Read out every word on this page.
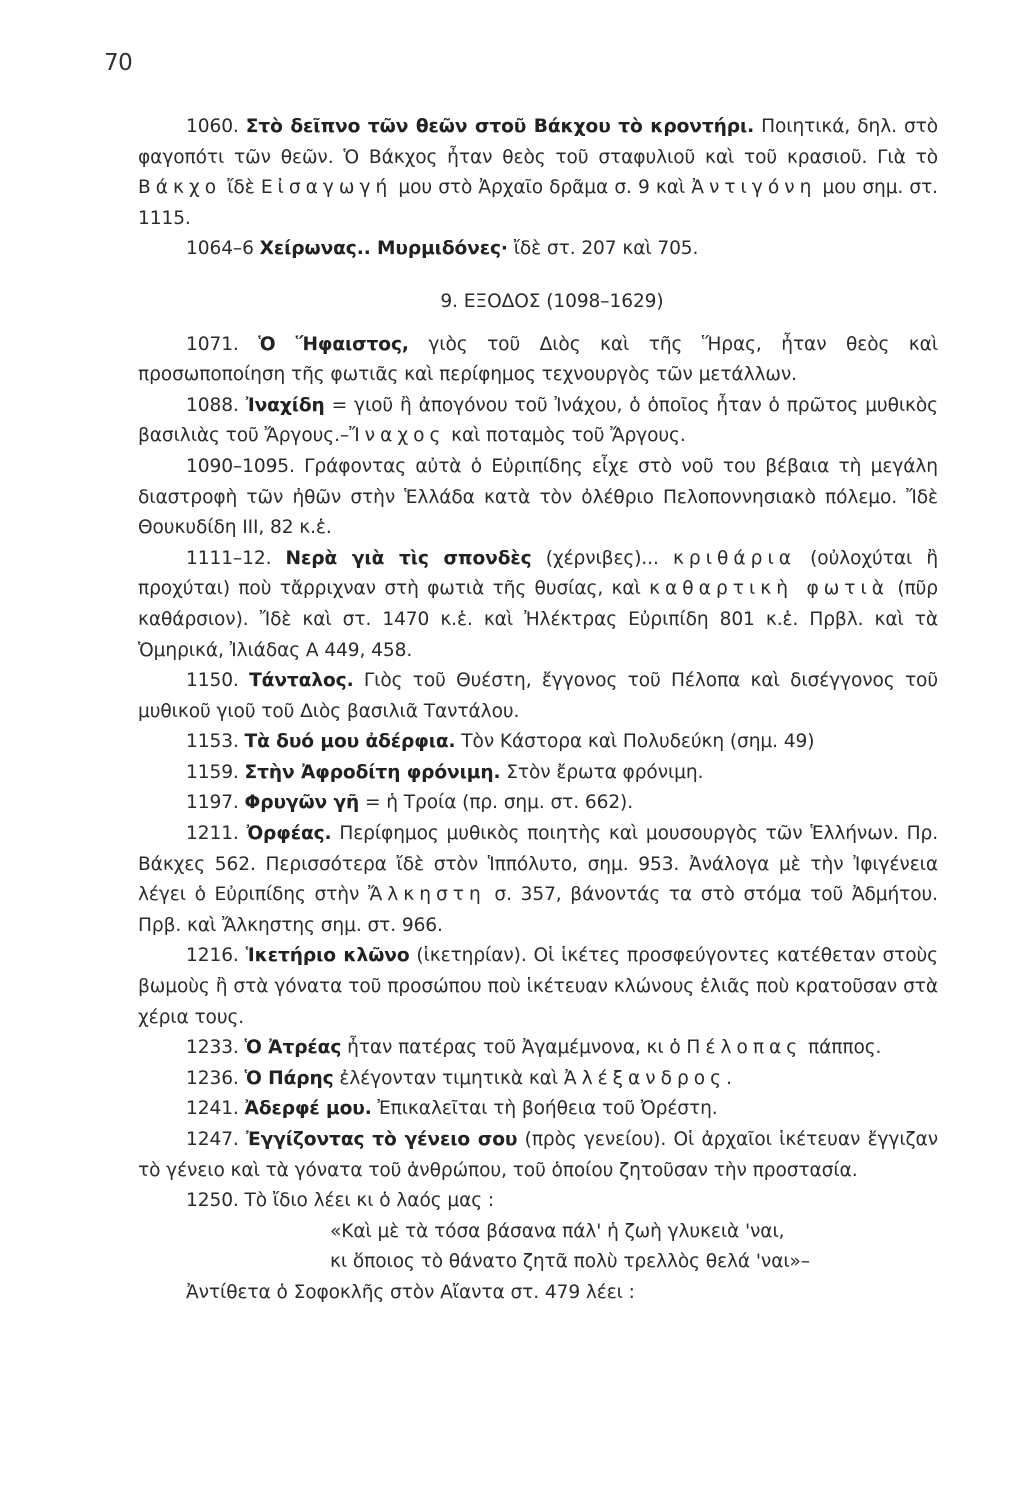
70

1060. Στὸ δεῖπνο τῶν θεῶν στοῦ Βάκχου τὸ κροντήρι. Ποιητικά, δηλ. στὸ φαγοπότι τῶν θεῶν. Ὁ Βάκχος ἦταν θεὸς τοῦ σταφυλιοῦ καὶ τοῦ κρασιοῦ. Γιὰ τὸ Βάκχο ἴδὲ Εἰσαγωγή μου στὸ Ἀρχαῖο δρᾶμα σ. 9 καὶ Ἀντιγόνη μου σημ. στ. 1115.

1064–6 Χείρωνας.. Μυρμιδόνες· ἴδὲ στ. 207 καὶ 705.

9. ΕΞΟΔΟΣ (1098–1629)

1071. Ὁ Ἥφαιστος, γιὸς τοῦ Διὸς καὶ τῆς Ἥρας, ἦταν θεὸς καὶ προσωποποίηση τῆς φωτιᾶς καὶ περίφημος τεχνουργὸς τῶν μετάλλων.

1088. Ἰναχίδη = γιοῦ ἢ ἀπογόνου τοῦ Ἰνάχου, ὁ ὁποῖος ἦταν ὁ πρῶτος μυθικὸς βασιλιὰς τοῦ Ἄργους.–Ἴναχος καὶ ποταμὸς τοῦ Ἄργους.

1090–1095. Γράφοντας αὐτὰ ὁ Εὐριπίδης εἶχε στὸ νοῦ του βέβαια τὴ μεγάλη διαστροφὴ τῶν ἠθῶν στὴν Ἑλλάδα κατὰ τὸν ὀλέθριο Πελοποννησιακὸ πόλεμο. Ἴδὲ Θουκυδίδη III, 82 κ.ἑ.

1111–12. Νερὰ γιὰ τὶς σπονδὲς (χέρνιβες)... κριθάρια (οὐλοχύται ἢ προχύται) ποὺ τἄρριχναν στὴ φωτιὰ τῆς θυσίας, καὶ καθαρτικὴ φωτιὰ (πῦρ καθάρσιον). Ἴδὲ καὶ στ. 1470 κ.ἑ. καὶ Ἠλέκτρας Εὐριπίδη 801 κ.ἑ. Πρβλ. καὶ τὰ Ὁμηρικά, Ἰλιάδας Α 449, 458.

1150. Τάνταλος. Γιὸς τοῦ Θυέστη, ἔγγονος τοῦ Πέλοπα καὶ δισέγγονος τοῦ μυθικοῦ γιοῦ τοῦ Διὸς βασιλιᾶ Ταντάλου.

1153. Τὰ δυό μου ἀδέρφια. Τὸν Κάστορα καὶ Πολυδεύκη (σημ. 49)

1159. Στὴν Ἀφροδίτη φρόνιμη. Στὸν ἔρωτα φρόνιμη.

1197. Φρυγῶν γῆ = ἡ Τροία (πρ. σημ. στ. 662).

1211. Ὀρφέας. Περίφημος μυθικὸς ποιητὴς καὶ μουσουργὸς τῶν Ἑλλήνων. Πρ. Βάκχες 562. Περισσότερα ἴδὲ στὸν Ἱππόλυτο, σημ. 953. Ἀνάλογα μὲ τὴν Ἰφιγένεια λέγει ὁ Εὐριπίδης στὴν Ἄλκηστη σ. 357, βάνοντάς τα στὸ στόμα τοῦ Ἀδμήτου. Πρβ. καὶ Ἄλκηστης σημ. στ. 966.

1216. Ἱκετήριο κλῶνο (ἱκετηρίαν). Οἱ ἱκέτες προσφεύγοντες κατέθεταν στοὺς βωμοὺς ἢ στὰ γόνατα τοῦ προσώπου ποὺ ἱκέτευαν κλώνους ἐλιᾶς ποὺ κρατοῦσαν στὰ χέρια τους.

1233. Ὁ Ἀτρέας ἦταν πατέρας τοῦ Ἀγαμέμνονα, κι ὁ Πέλοπας πάππος.

1236. Ὁ Πάρης ἐλέγονταν τιμητικὰ καὶ Ἀλέξανδρος.

1241. Ἀδερφέ μου. Ἐπικαλεῖται τὴ βοήθεια τοῦ Ὀρέστη.

1247. Ἐγγίζοντας τὸ γένειο σου (πρὸς γενείου). Οἱ ἀρχαῖοι ἱκέτευαν ἔγγιζαν τὸ γένειο καὶ τὰ γόνατα τοῦ ἀνθρώπου, τοῦ ὁποίου ζητοῦσαν τὴν προστασία.

1250. Τὸ ἴδιο λέει κι ὁ λαός μας :

«Καὶ μὲ τὰ τόσα βάσανα πάλ' ἡ ζωὴ γλυκειὰ 'ναι,
κι ὅποιος τὸ θάνατο ζητᾶ πολὺ τρελλὸς θελά 'ναι»–

Ἀντίθετα ὁ Σοφοκλῆς στὸν Αἴαντα στ. 479 λέει :
